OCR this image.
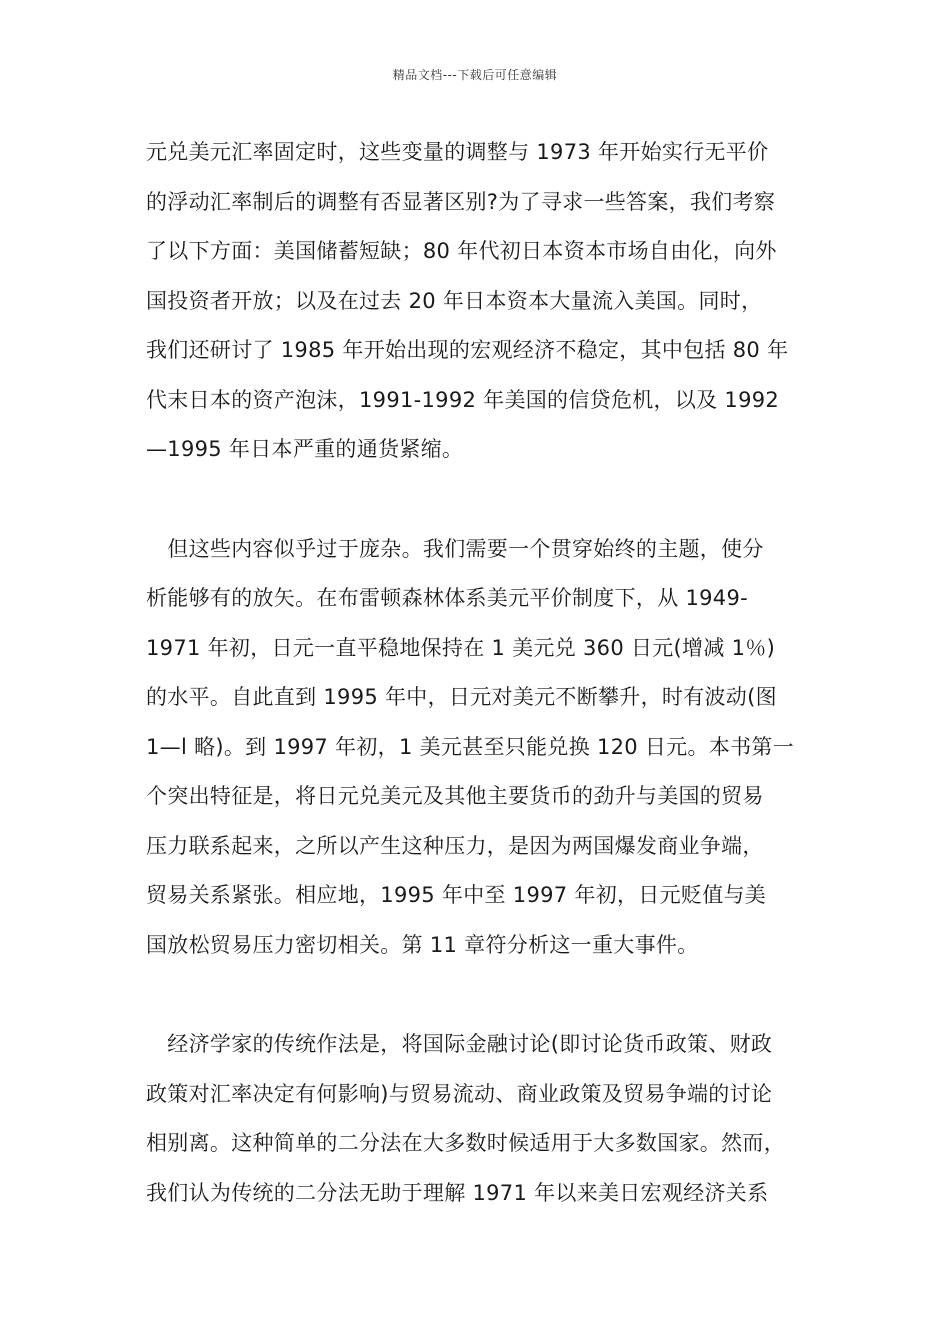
精品文档---下载后可任意编辑
元兑美元汇率固定时，这些变量的调整与 1973 年开始实行无平价
的浮动汇率制后的调整有否显著区别?为了寻求一些答案，我们考察
了以下方面：美国储蓄短缺；80 年代初日本资本市场自由化，向外
国投资者开放；以及在过去 20 年日本资本大量流入美国。同时，
我们还研讨了 1985 年开始出现的宏观经济不稳定，其中包括 80 年
代末日本的资产泡沫，1991-1992 年美国的信贷危机，以及 1992
—1995 年日本严重的通货紧缩。
　但这些内容似乎过于庞杂。我们需要一个贯穿始终的主题，使分
析能够有的放矢。在布雷顿森林体系美元平价制度下，从 1949-
1971 年初，日元一直平稳地保持在 1 美元兑 360 日元(增减 1％)
的水平。自此直到 1995 年中，日元对美元不断攀升，时有波动(图
1—l 略)。到 1997 年初，1 美元甚至只能兑换 120 日元。本书第一
个突出特征是，将日元兑美元及其他主要货币的劲升与美国的贸易
压力联系起来，之所以产生这种压力，是因为两国爆发商业争端，
贸易关系紧张。相应地，1995 年中至 1997 年初，日元贬值与美
国放松贸易压力密切相关。第 11 章符分析这一重大事件。
　经济学家的传统作法是，将国际金融讨论(即讨论货币政策、财政
政策对汇率决定有何影响)与贸易流动、商业政策及贸易争端的讨论
相别离。这种简单的二分法在大多数时候适用于大多数国家。然而，
我们认为传统的二分法无助于理解 1971 年以来美日宏观经济关系
